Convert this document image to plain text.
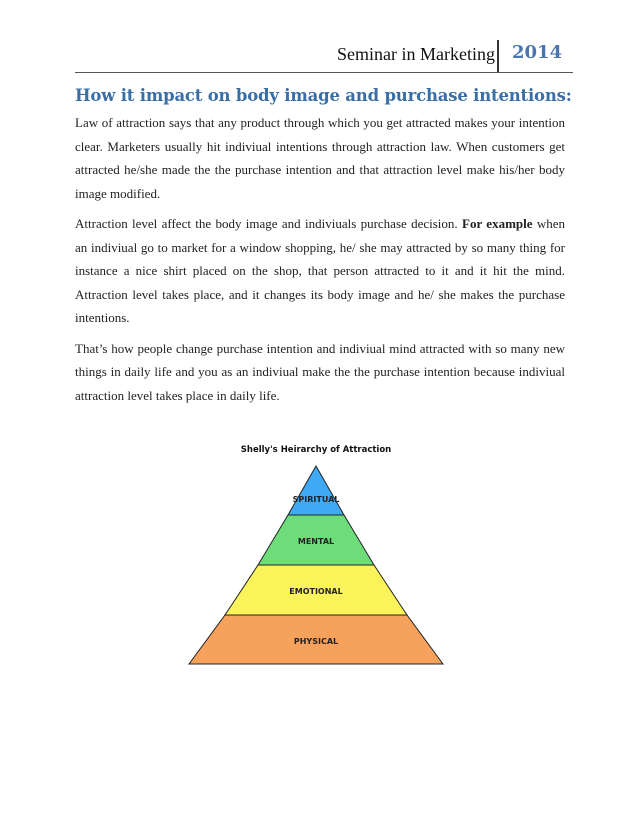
Seminar in Marketing 2014
How it impact on body image and purchase intentions:

Law of attraction says that any product through which you get attracted makes your intention clear. Marketers usually hit indiviual intentions through attraction law. When customers get attracted he/she made the the purchase intention and that attraction level make his/her body image modified.

Attraction level affect the body image and indiviuals purchase decision. For example when an indiviual go to market for a window shopping, he/ she may attracted by so many thing for instance a nice shirt placed on the shop, that person attracted to it and it hit the mind. Attraction level takes place, and it changes its body image and he/ she makes the purchase intentions.

That’s how people change purchase intention and indiviual mind attracted with so many new things in daily life and you as an indiviual make the the purchase intention because indiviual attraction level takes place in daily life.

Shelly's Heirarchy of Attraction
SPIRITUAL
MENTAL
EMOTIONAL
PHYSICAL
